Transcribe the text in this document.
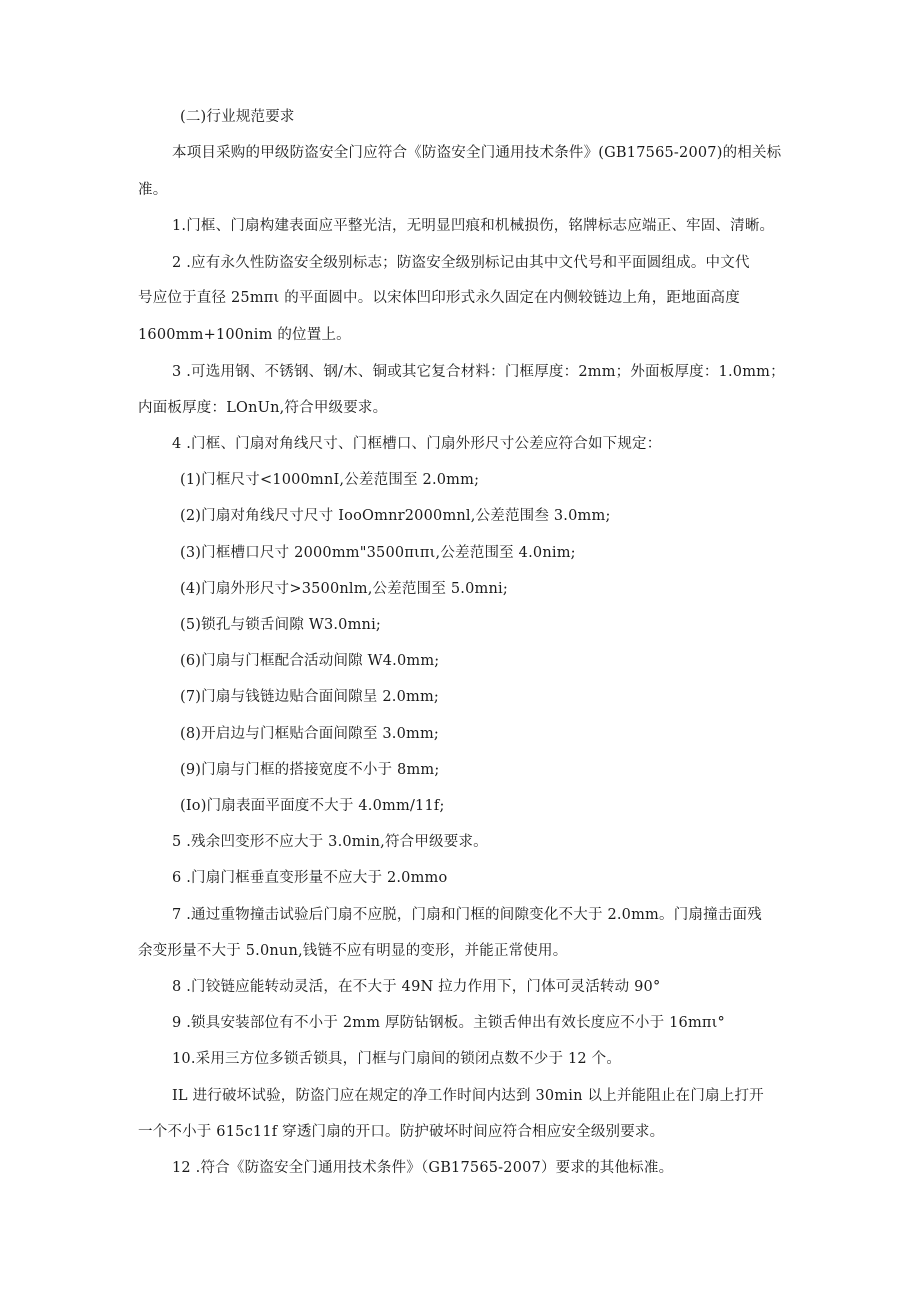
(二)行业规范要求
本项目采购的甲级防盗安全门应符合《防盗安全门通用技术条件》(GB17565-2007)的相关标
准。
1.门框、门扇构建表面应平整光洁，无明显凹痕和机械损伤，铭牌标志应端正、牢固、清晰。
2 .应有永久性防盗安全级别标志；防盗安全级别标记由其中文代号和平面圆组成。中文代
号应位于直径 25mπι 的平面圆中。以宋体凹印形式永久固定在内侧较链边上角，距地面高度
1600mm+100nim 的位置上。
3 .可选用钢、不锈钢、钢/木、铜或其它复合材料：门框厚度：2mm；外面板厚度：1.0mm；
内面板厚度：LOnUn,符合甲级要求。
4 .门框、门扇对角线尺寸、门框槽口、门扇外形尺寸公差应符合如下规定：
(1)门框尺寸<1000mnI,公差范围至 2.0mm;
(2)门扇对角线尺寸尺寸 IooOmnr2000mnl,公差范围叁 3.0mm;
(3)门框槽口尺寸 2000mm"3500πιπι,公差范围至 4.0nim;
(4)门扇外形尺寸>3500nlm,公差范围至 5.0mni;
(5)锁孔与锁舌间隙 W3.0mni;
(6)门扇与门框配合活动间隙 W4.0mm;
(7)门扇与钱链边贴合面间隙呈 2.0mm;
(8)开启边与门框贴合面间隙至 3.0mm;
(9)门扇与门框的搭接宽度不小于 8mm;
(Io)门扇表面平面度不大于 4.0mm/11f;
5 .残余凹变形不应大于 3.0min,符合甲级要求。
6 .门扇门框垂直变形量不应大于 2.0mmo
7 .通过重物撞击试验后门扇不应脱，门扇和门框的间隙变化不大于 2.0mm。门扇撞击面残
余变形量不大于 5.0nun,钱链不应有明显的变形，并能正常使用。
8 .门铰链应能转动灵活，在不大于 49N 拉力作用下，门体可灵活转动 90°
9 .锁具安装部位有不小于 2mm 厚防钻钢板。主锁舌伸出有效长度应不小于 16mπι°
10.采用三方位多锁舌锁具，门框与门扇间的锁闭点数不少于 12 个。
IL 进行破坏试验，防盗门应在规定的净工作时间内达到 30min 以上并能阻止在门扇上打开
一个不小于 615c11f 穿透门扇的开口。防护破坏时间应符合相应安全级别要求。
12 .符合《防盗安全门通用技术条件》（GB17565-2007）要求的其他标准。
